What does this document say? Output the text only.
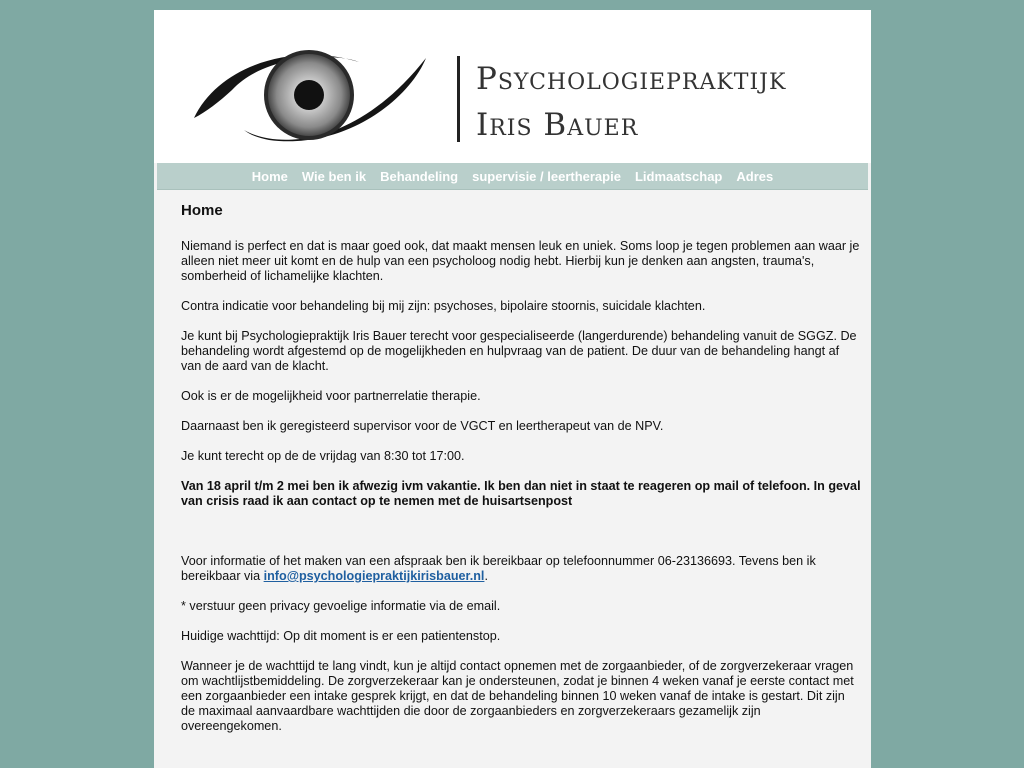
Psychologiepraktijk
Iris Bauer
Home	Wie ben ik	Behandeling	supervisie / leertherapie	Lidmaatschap	Adres
Home

Niemand is perfect en dat is maar goed ook, dat maakt mensen leuk en uniek. Soms loop je tegen problemen aan waar je alleen niet meer uit komt en de hulp van een psycholoog nodig hebt. Hierbij kun je denken aan angsten, trauma's, somberheid of lichamelijke klachten.

Contra indicatie voor behandeling bij mij zijn: psychoses, bipolaire stoornis, suicidale klachten.

Je kunt bij Psychologiepraktijk Iris Bauer terecht voor gespecialiseerde (langerdurende) behandeling vanuit de SGGZ. De behandeling wordt afgestemd op de mogelijkheden en hulpvraag van de patient. De duur van de behandeling hangt af van de aard van de klacht.

Ook is er de mogelijkheid voor partnerrelatie therapie.

Daarnaast ben ik geregisteerd supervisor voor de VGCT en leertherapeut van de NPV.

Je kunt terecht op de de vrijdag van 8:30 tot 17:00.

Van 18 april t/m 2 mei ben ik afwezig ivm vakantie. Ik ben dan niet in staat te reageren op mail of telefoon. In geval van crisis raad ik aan contact op te nemen met de huisartsenpost

Voor informatie of het maken van een afspraak ben ik bereikbaar op telefoonnummer 06-23136693. Tevens ben ik bereikbaar via info@psychologiepraktijkirisbauer.nl.

* verstuur geen privacy gevoelige informatie via de email.

Huidige wachttijd: Op dit moment is er een patientenstop.

Wanneer je de wachttijd te lang vindt, kun je altijd contact opnemen met de zorgaanbieder, of de zorgverzekeraar vragen om wachtlijstbemiddeling. De zorgverzekeraar kan je ondersteunen, zodat je binnen 4 weken vanaf je eerste contact met een zorgaanbieder een intake gesprek krijgt, en dat de behandeling binnen 10 weken vanaf de intake is gestart. Dit zijn de maximaal aanvaardbare wachttijden die door de zorgaanbieders en zorgverzekeraars gezamelijk zijn overeengekomen.
